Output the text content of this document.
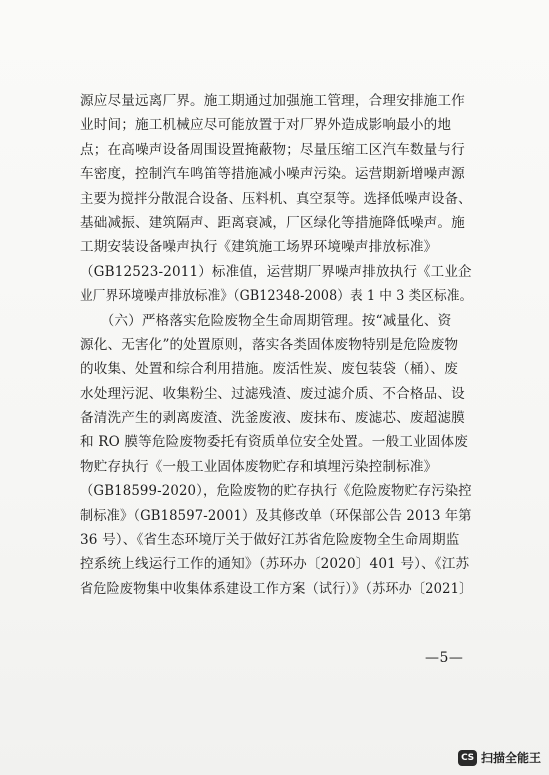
源应尽量远离厂界。施工期通过加强施工管理，合理安排施工作
业时间；施工机械应尽可能放置于对厂界外造成影响最小的地
点；在高噪声设备周围设置掩蔽物；尽量压缩工区汽车数量与行
车密度，控制汽车鸣笛等措施减小噪声污染。运营期新增噪声源
主要为搅拌分散混合设备、压料机、真空泵等。选择低噪声设备、
基础减振、建筑隔声、距离衰减，厂区绿化等措施降低噪声。施
工期安装设备噪声执行《建筑施工场界环境噪声排放标准》
（GB12523-2011）标准值，运营期厂界噪声排放执行《工业企
业厂界环境噪声排放标准》（GB12348-2008）表 1 中 3 类区标准。
　　（六）严格落实危险废物全生命周期管理。按“减量化、资
源化、无害化”的处置原则，落实各类固体废物特别是危险废物
的收集、处置和综合利用措施。废活性炭、废包装袋（桶）、废
水处理污泥、收集粉尘、过滤残渣、废过滤介质、不合格品、设
备清洗产生的剥离废渣、洗釜废液、废抹布、废滤芯、废超滤膜
和 RO 膜等危险废物委托有资质单位安全处置。一般工业固体废
物贮存执行《一般工业固体废物贮存和填埋污染控制标准》
（GB18599-2020），危险废物的贮存执行《危险废物贮存污染控
制标准》（GB18597-2001）及其修改单（环保部公告 2013 年第
36 号）、《省生态环境厅关于做好江苏省危险废物全生命周期监
控系统上线运行工作的通知》（苏环办〔2020〕401 号）、《江苏
省危险废物集中收集体系建设工作方案（试行）》（苏环办〔2021〕
—5—
CS 扫描全能王
